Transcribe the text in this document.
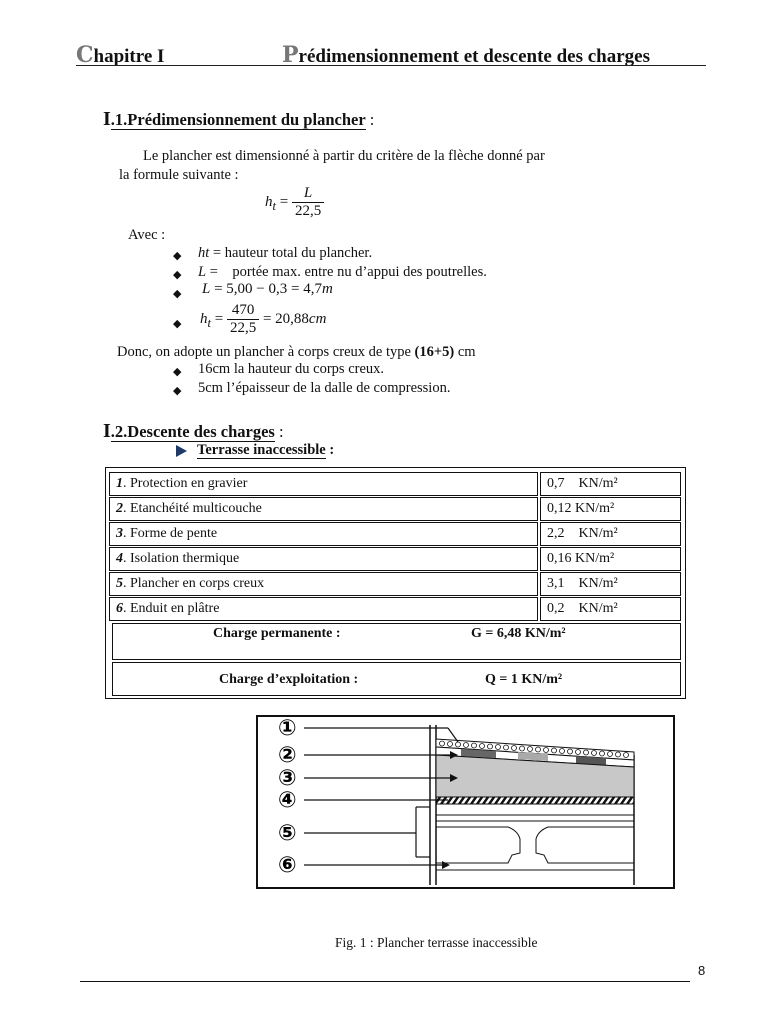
Chapitre I	Prédimensionnement et descente des charges
I.1.Prédimensionnement du plancher :
Le plancher est dimensionné à partir du critère de la flèche donné par
la formule suivante :
$h_t = \frac{L}{22,5}$
Avec :
◆ ht = hauteur total du plancher.
◆ L =    portée max. entre nu d’appui des poutrelles.
◆ L = 5,00 − 0,3 = 4,7m
◆ $h_t = \frac{470}{22,5} = 20,88cm$
Donc, on adopte un plancher à corps creux de type (16+5) cm
◆ 16cm la hauteur du corps creux.
◆ 5cm l’épaisseur de la dalle de compression.
I.2.Descente des charges :
Terrasse inaccessible :
1. Protection en gravier	0,7    KN/m²
2. Etanchéité multicouche	0,12 KN/m²
3. Forme de pente	2,2    KN/m²
4. Isolation thermique	0,16 KN/m²
5. Plancher en corps creux	3,1    KN/m²
6. Enduit en plâtre	0,2    KN/m²
Charge permanente :	G = 6,48 KN/m²
Charge d’exploitation :	Q = 1 KN/m²
①
②
③
④
⑤
⑥
Fig. 1 : Plancher terrasse inaccessible
8
